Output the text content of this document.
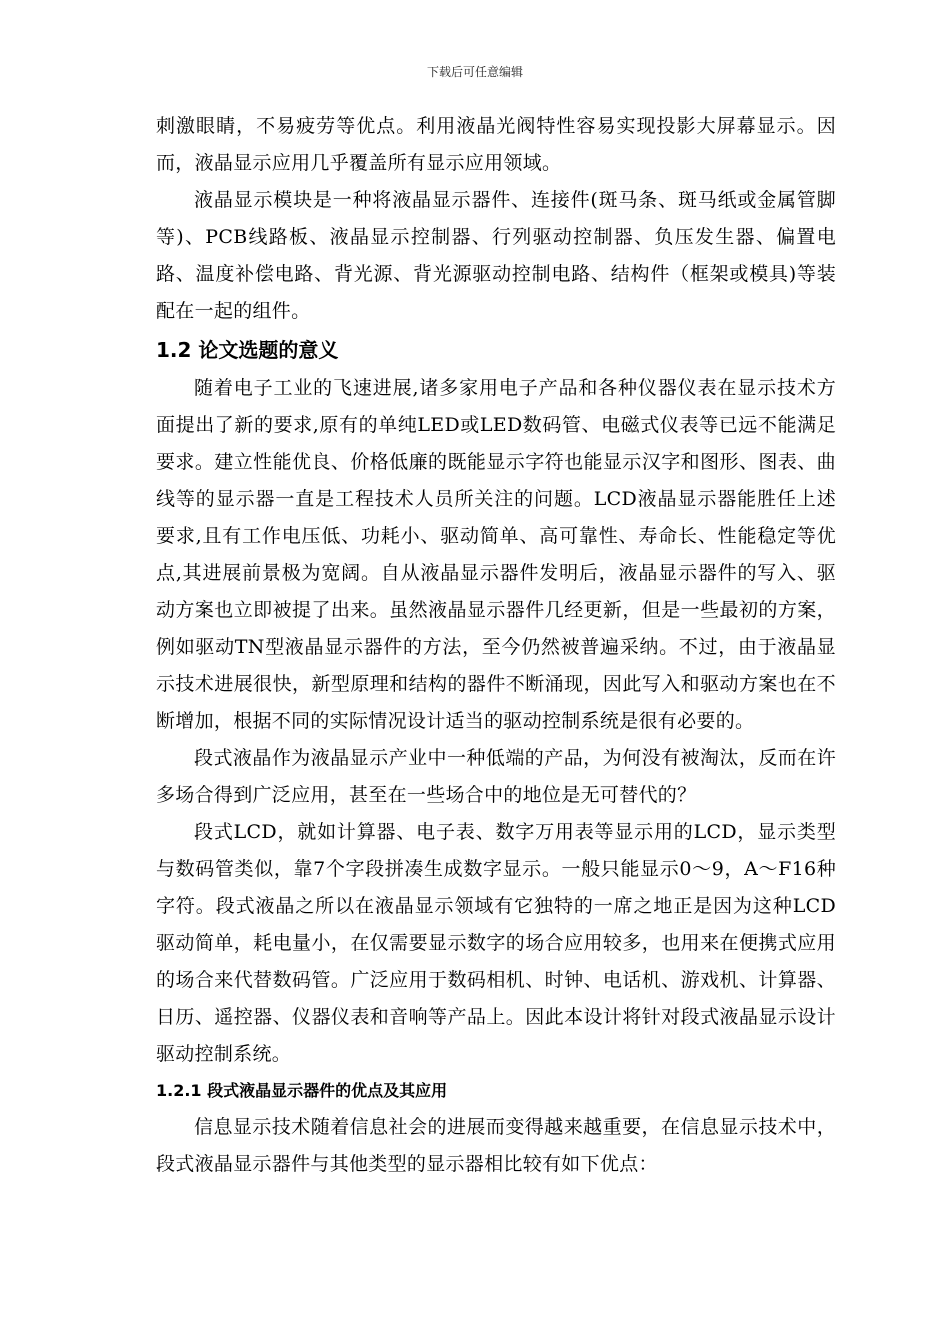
下载后可任意编辑

刺激眼睛，不易疲劳等优点。利用液晶光阀特性容易实现投影大屏幕显示。因而，液晶显示应用几乎覆盖所有显示应用领域。

液晶显示模块是一种将液晶显示器件、连接件(斑马条、斑马纸或金属管脚等)、PCB线路板、液晶显示控制器、行列驱动控制器、负压发生器、偏置电路、温度补偿电路、背光源、背光源驱动控制电路、结构件（框架或模具)等装配在一起的组件。

1.2 论文选题的意义

随着电子工业的飞速进展,诸多家用电子产品和各种仪器仪表在显示技术方面提出了新的要求,原有的单纯LED或LED数码管、电磁式仪表等已远不能满足要求。建立性能优良、价格低廉的既能显示字符也能显示汉字和图形、图表、曲线等的显示器一直是工程技术人员所关注的问题。LCD液晶显示器能胜任上述要求,且有工作电压低、功耗小、驱动简单、高可靠性、寿命长、性能稳定等优点,其进展前景极为宽阔。自从液晶显示器件发明后，液晶显示器件的写入、驱动方案也立即被提了出来。虽然液晶显示器件几经更新，但是一些最初的方案，例如驱动TN型液晶显示器件的方法，至今仍然被普遍采纳。不过，由于液晶显示技术进展很快，新型原理和结构的器件不断涌现，因此写入和驱动方案也在不断增加，根据不同的实际情况设计适当的驱动控制系统是很有必要的。

段式液晶作为液晶显示产业中一种低端的产品，为何没有被淘汰，反而在许多场合得到广泛应用，甚至在一些场合中的地位是无可替代的？

段式LCD，就如计算器、电子表、数字万用表等显示用的LCD，显示类型与数码管类似，靠7个字段拼凑生成数字显示。一般只能显示0～9，A～F16种字符。段式液晶之所以在液晶显示领域有它独特的一席之地正是因为这种LCD驱动简单，耗电量小，在仅需要显示数字的场合应用较多，也用来在便携式应用的场合来代替数码管。广泛应用于数码相机、时钟、电话机、游戏机、计算器、日历、遥控器、仪器仪表和音响等产品上。因此本设计将针对段式液晶显示设计驱动控制系统。

1.2.1 段式液晶显示器件的优点及其应用

信息显示技术随着信息社会的进展而变得越来越重要，在信息显示技术中，段式液晶显示器件与其他类型的显示器相比较有如下优点：
